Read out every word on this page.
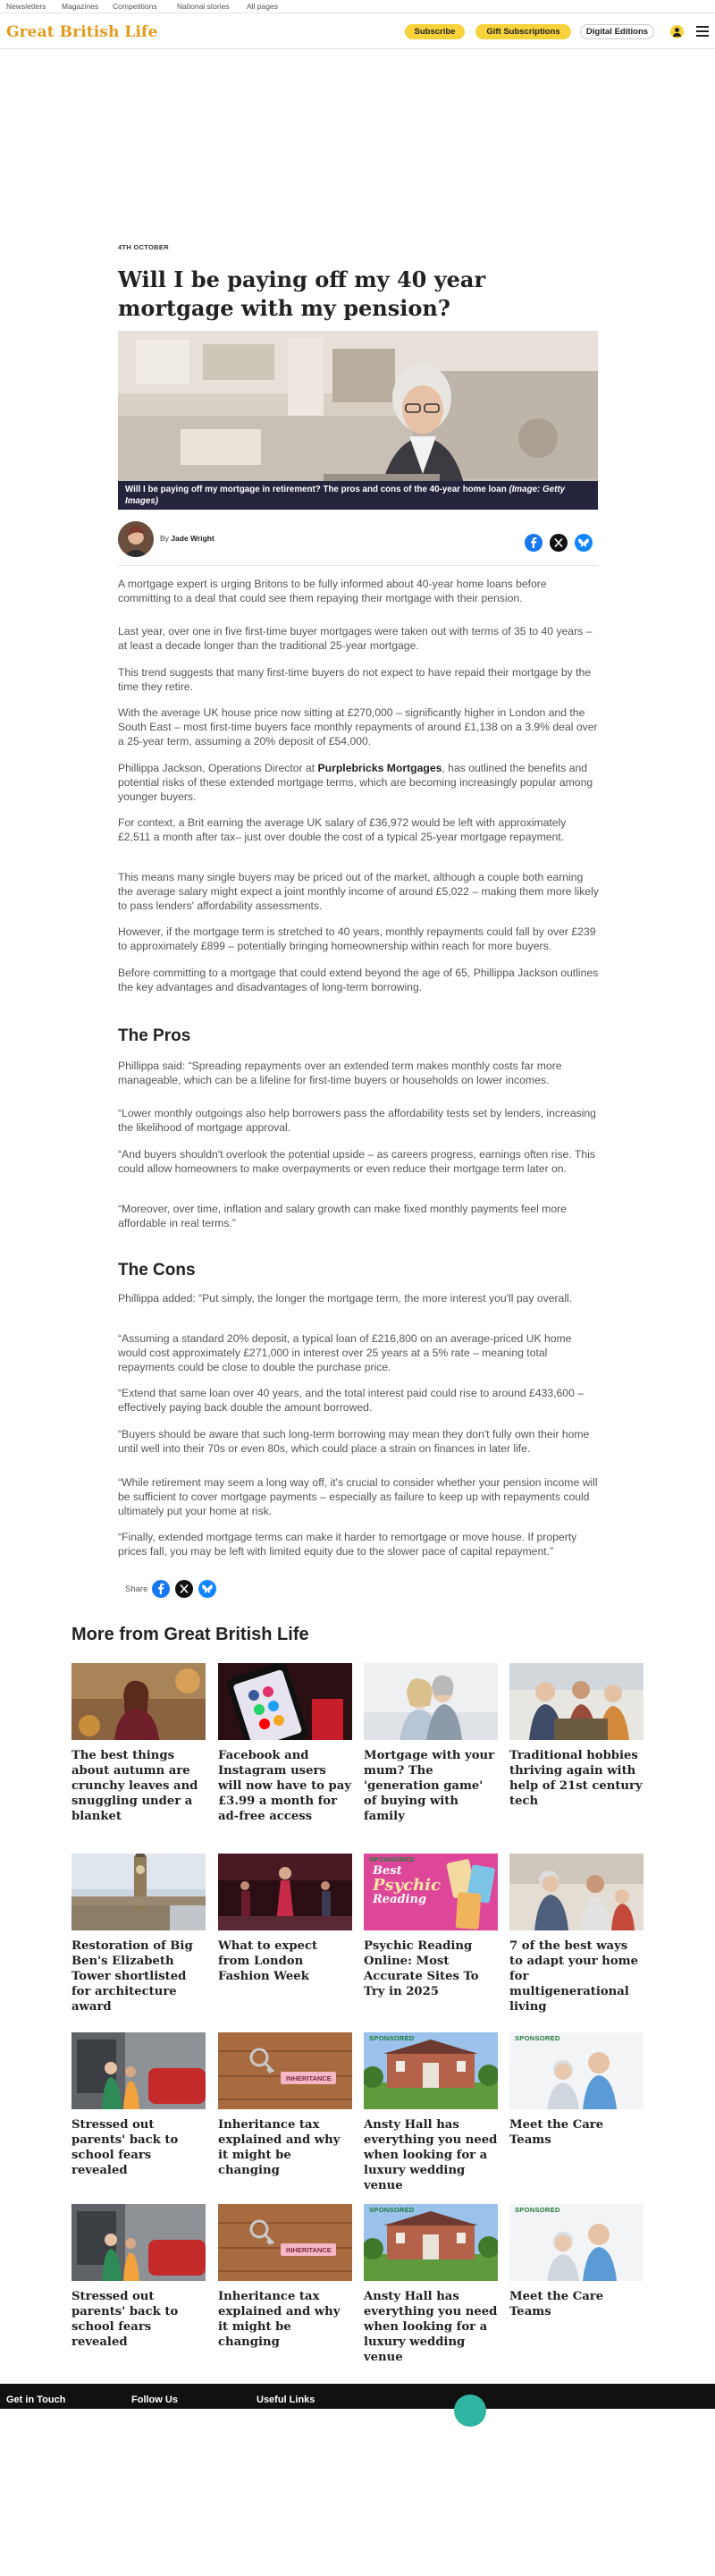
Newsletters Magazines Competitions	National stories All pages
Great British Life	Subscribe	Gift Subscriptions	Digital Editions
4TH OCTOBER
Will I be paying off my 40 year mortgage with my pension?
Will I be paying off my mortgage in retirement? The pros and cons of the 40-year home loan (Image: Getty Images)
By Jade Wright

A mortgage expert is urging Britons to be fully informed about 40-year home loans before committing to a deal that could see them repaying their mortgage with their pension.

Last year, over one in five first-time buyer mortgages were taken out with terms of 35 to 40 years – at least a decade longer than the traditional 25-year mortgage.

This trend suggests that many first-time buyers do not expect to have repaid their mortgage by the time they retire.

With the average UK house price now sitting at £270,000 – significantly higher in London and the South East – most first-time buyers face monthly repayments of around £1,138 on a 3.9% deal over a 25-year term, assuming a 20% deposit of £54,000.

Phillippa Jackson, Operations Director at Purplebricks Mortgages, has outlined the benefits and potential risks of these extended mortgage terms, which are becoming increasingly popular among younger buyers.

For context, a Brit earning the average UK salary of £36,972 would be left with approximately £2,511 a month after tax– just over double the cost of a typical 25-year mortgage repayment.

This means many single buyers may be priced out of the market, although a couple both earning the average salary might expect a joint monthly income of around £5,022 – making them more likely to pass lenders' affordability assessments.

However, if the mortgage term is stretched to 40 years, monthly repayments could fall by over £239 to approximately £899 – potentially bringing homeownership within reach for more buyers.

Before committing to a mortgage that could extend beyond the age of 65, Phillippa Jackson outlines the key advantages and disadvantages of long-term borrowing.

The Pros

Phillippa said: “Spreading repayments over an extended term makes monthly costs far more manageable, which can be a lifeline for first-time buyers or households on lower incomes.

“Lower monthly outgoings also help borrowers pass the affordability tests set by lenders, increasing the likelihood of mortgage approval.

“And buyers shouldn't overlook the potential upside – as careers progress, earnings often rise. This could allow homeowners to make overpayments or even reduce their mortgage term later on.

“Moreover, over time, inflation and salary growth can make fixed monthly payments feel more affordable in real terms.”

The Cons

Phillippa added: “Put simply, the longer the mortgage term, the more interest you'll pay overall.

“Assuming a standard 20% deposit, a typical loan of £216,800 on an average-priced UK home would cost approximately £271,000 in interest over 25 years at a 5% rate – meaning total repayments could be close to double the purchase price.

“Extend that same loan over 40 years, and the total interest paid could rise to around £433,600 – effectively paying back double the amount borrowed.

“Buyers should be aware that such long-term borrowing may mean they don't fully own their home until well into their 70s or even 80s, which could place a strain on finances in later life.

“While retirement may seem a long way off, it's crucial to consider whether your pension income will be sufficient to cover mortgage payments – especially as failure to keep up with repayments could ultimately put your home at risk.

“Finally, extended mortgage terms can make it harder to remortgage or move house. If property prices fall, you may be left with limited equity due to the slower pace of capital repayment.”

Share
More from Great British Life
The best things about autumn are crunchy leaves and snuggling under a blanket
Facebook and Instagram users will now have to pay £3.99 a month for ad-free access
Mortgage with your mum? The 'generation game' of buying with family
Traditional hobbies thriving again with help of 21st century tech
Restoration of Big Ben's Elizabeth Tower shortlisted for architecture award
What to expect from London Fashion Week
SPONSORED
Best
Psychic
Reading
Psychic Reading Online: Most Accurate Sites To Try in 2025
7 of the best ways to adapt your home for multigenerational living
Stressed out parents' back to school fears revealed
INHERITANCE
Inheritance tax explained and why it might be changing
SPONSORED
Ansty Hall has everything you need when looking for a luxury wedding venue
SPONSORED
Meet the Care Teams
Stressed out parents' back to school fears revealed
INHERITANCE
Inheritance tax explained and why it might be changing
SPONSORED
Ansty Hall has everything you need when looking for a luxury wedding venue
SPONSORED
Meet the Care Teams
Get in Touch	Follow Us	Useful Links
